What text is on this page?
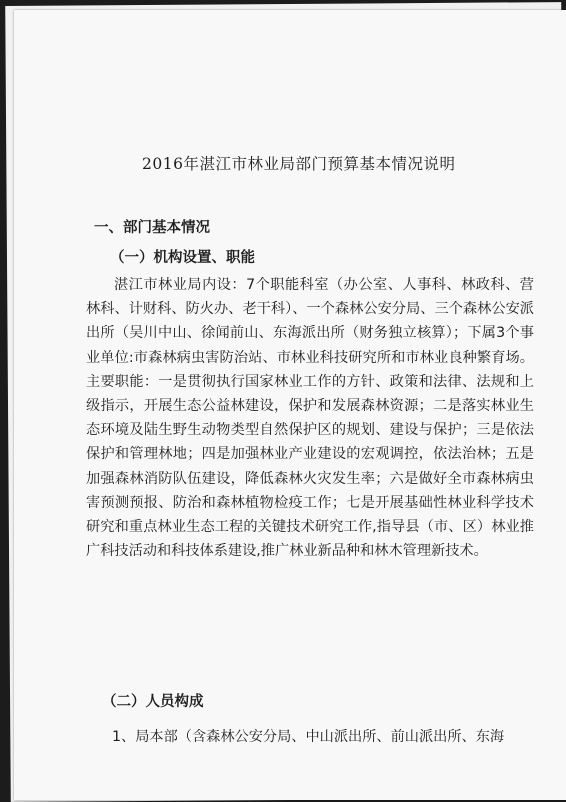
2016年湛江市林业局部门预算基本情况说明
一、部门基本情况
（一）机构设置、职能

湛江市林业局内设：7个职能科室（办公室、人事科、林政科、营林科、计财科、防火办、老干科）、一个森林公安分局、三个森林公安派出所（吴川中山、徐闻前山、东海派出所（财务独立核算）；下属3个事业单位:市森林病虫害防治站、市林业科技研究所和市林业良种繁育场。主要职能：一是贯彻执行国家林业工作的方针、政策和法律、法规和上级指示，开展生态公益林建设，保护和发展森林资源；二是落实林业生态环境及陆生野生动物类型自然保护区的规划、建设与保护；三是依法保护和管理林地；四是加强林业产业建设的宏观调控，依法治林；五是加强森林消防队伍建设，降低森林火灾发生率；六是做好全市森林病虫害预测预报、防治和森林植物检疫工作；七是开展基础性林业科学技术研究和重点林业生态工程的关键技术研究工作,指导县（市、区）林业推广科技活动和科技体系建设,推广林业新品种和林木管理新技术。

（二）人员构成
1、局本部（含森林公安分局、中山派出所、前山派出所、东海
